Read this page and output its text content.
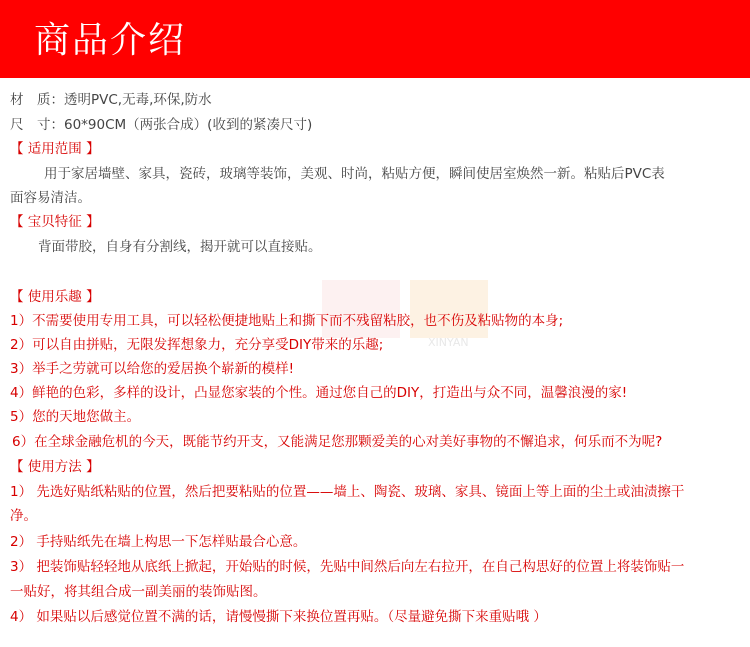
商品介绍
XINYAN
材　质：透明PVC,无毒,环保,防水
尺　寸：60*90CM（两张合成）(收到的紧凑尺寸)
【 适用范围 】
用于家居墙壁、家具，瓷砖，玻璃等装饰，美观、时尚，粘贴方便，瞬间使居室焕然一新。粘贴后PVC表
面容易清洁。
【 宝贝特征 】
背面带胶，自身有分割线，揭开就可以直接贴。
【 使用乐趣 】
1）不需要使用专用工具，可以轻松便捷地贴上和撕下而不残留粘胶，也不伤及粘贴物的本身;
2）可以自由拼贴，无限发挥想象力，充分享受DIY带来的乐趣;
3）举手之劳就可以给您的爱居换个崭新的模样!
4）鲜艳的色彩，多样的设计，凸显您家装的个性。通过您自己的DIY，打造出与众不同，温馨浪漫的家!
5）您的天地您做主。
6）在全球金融危机的今天，既能节约开支，又能满足您那颗爱美的心对美好事物的不懈追求，何乐而不为呢?
【 使用方法 】
1） 先选好贴纸粘贴的位置，然后把要粘贴的位置——墙上、陶瓷、玻璃、家具、镜面上等上面的尘土或油渍擦干
净。
2） 手持贴纸先在墙上构思一下怎样贴最合心意。
3） 把装饰贴轻轻地从底纸上掀起，开始贴的时候，先贴中间然后向左右拉开，在自己构思好的位置上将装饰贴一
一贴好，将其组合成一副美丽的装饰贴图。
4） 如果贴以后感觉位置不满的话，请慢慢撕下来换位置再贴。（尽量避免撕下来重贴哦 ）
